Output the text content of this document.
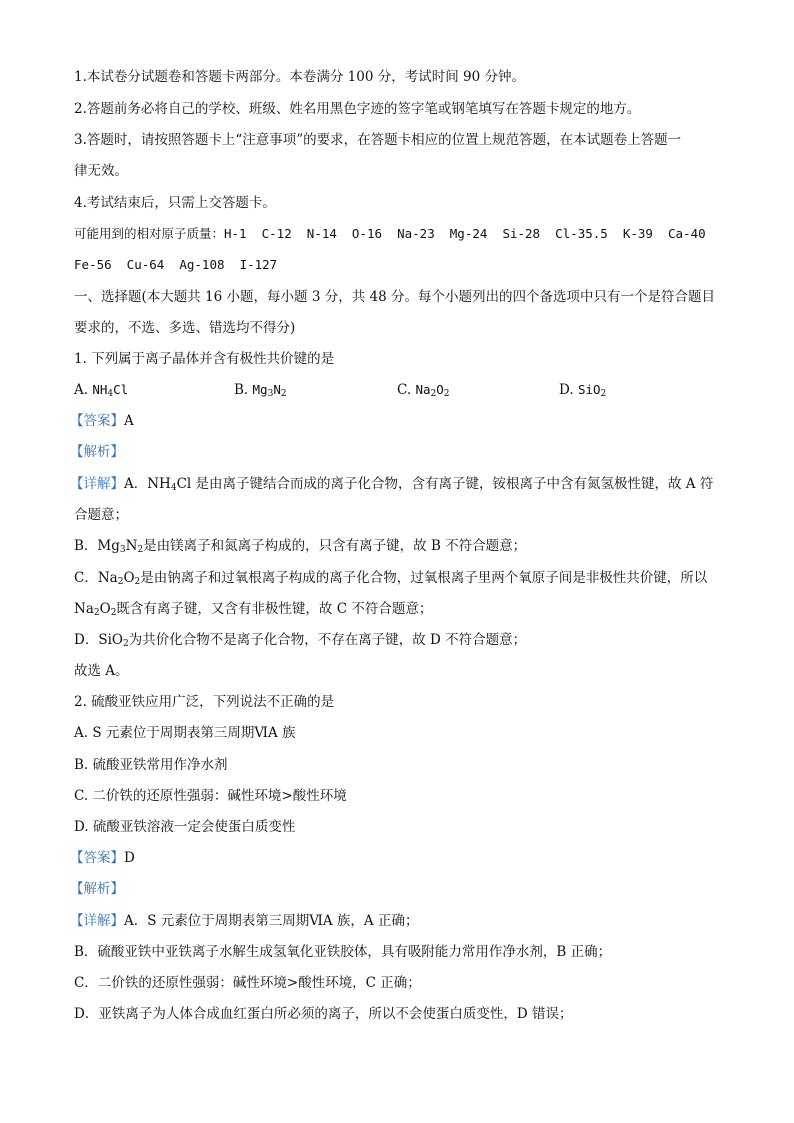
1.本试卷分试题卷和答题卡两部分。本卷满分 100 分，考试时间 90 分钟。
2.答题前务必将自己的学校、班级、姓名用黑色字迹的签字笔或钢笔填写在答题卡规定的地方。
3.答题时，请按照答题卡上“注意事项”的要求，在答题卡相应的位置上规范答题，在本试题卷上答题一
律无效。
4.考试结束后，只需上交答题卡。
可能用到的相对原子质量：H-1  C-12  N-14  O-16  Na-23  Mg-24  Si-28  Cl-35.5  K-39  Ca-40
Fe-56  Cu-64  Ag-108  I-127
一、选择题(本大题共 16 小题，每小题 3 分，共 48 分。每个小题列出的四个备选项中只有一个是符合题目
要求的，不选、多选、错选均不得分)
1. 下列属于离子晶体并含有极性共价键的是
A. $NH_4Cl$	B. $Mg_3N_2$	C. $Na_2O_2$	D. SiO$_2$
【答案】A
【解析】
【详解】A．$NH_4Cl$ 是由离子键结合而成的离子化合物，含有离子键，铵根离子中含有氮氢极性键，故 A 符
合题意；
B．$Mg_3N_2$是由镁离子和氮离子构成的，只含有离子键，故 B 不符合题意；
C．$Na_2O_2$是由钠离子和过氧根离子构成的离子化合物，过氧根离子里两个氧原子间是非极性共价键，所以
$Na_2O_2$既含有离子键，又含有非极性键，故 C 不符合题意；
D．SiO$_2$为共价化合物不是离子化合物，不存在离子键，故 D 不符合题意；
故选 A。
2. 硫酸亚铁应用广泛，下列说法不正确的是
A. S 元素位于周期表第三周期ⅥA 族
B. 硫酸亚铁常用作净水剂
C. 二价铁的还原性强弱：碱性环境>酸性环境
D. 硫酸亚铁溶液一定会使蛋白质变性
【答案】D
【解析】
【详解】A．S 元素位于周期表第三周期ⅥA 族，A 正确；
B．硫酸亚铁中亚铁离子水解生成氢氧化亚铁胶体，具有吸附能力常用作净水剂，B 正确；
C．二价铁的还原性强弱：碱性环境>酸性环境，C 正确；
D．亚铁离子为人体合成血红蛋白所必须的离子，所以不会使蛋白质变性，D 错误；
